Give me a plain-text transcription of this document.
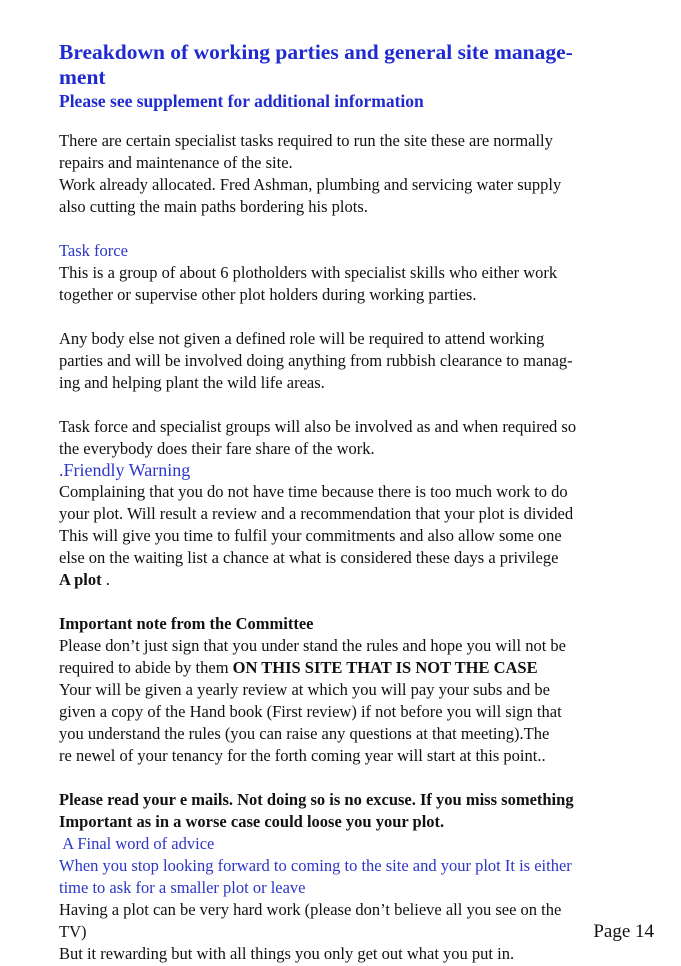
Breakdown of working parties and general site manage-
ment

Please see supplement for additional information

There are certain specialist tasks required to run the site these are normally
repairs and maintenance of the site.
Work already allocated. Fred Ashman, plumbing and servicing water supply
also cutting the main paths bordering his plots.

Task force

This is a group of about 6 plotholders with specialist skills who either work
together or supervise other plot holders during working parties.

Any body else not given a defined role will be required to attend working
parties and will be involved doing anything from rubbish clearance to manag-
ing and helping plant the wild life areas.

Task force and specialist groups will also be involved as and when required so
the everybody does their fare share of the work.

.Friendly Warning

Complaining that you do not have time because there is too much work to do
your plot. Will result a review and a recommendation that your plot is divided
This will give you time to fulfil your commitments and also allow some one
else on the waiting list a chance at what is considered these days a privilege
A plot .

Important note from the Committee

Please don’t just sign that you under stand the rules and hope you will not be
required to abide by them ON THIS SITE THAT IS NOT THE CASE
Your will be given a yearly review at which you will pay your subs and be
given a copy of the Hand book (First review) if not before you will sign that
you understand the rules (you can raise any questions at that meeting).The
re newel of your tenancy for the forth coming year will start at this point..

Please read your e mails. Not doing so is no excuse. If you miss something
Important as in a worse case could loose you your plot.

A Final word of advice

When you stop looking forward to coming to the site and your plot It is either
time to ask for a smaller plot or leave

Having a plot can be very hard work (please don’t believe all you see on the
TV)
But it rewarding but with all things you only get out what you put in.

Page 14
